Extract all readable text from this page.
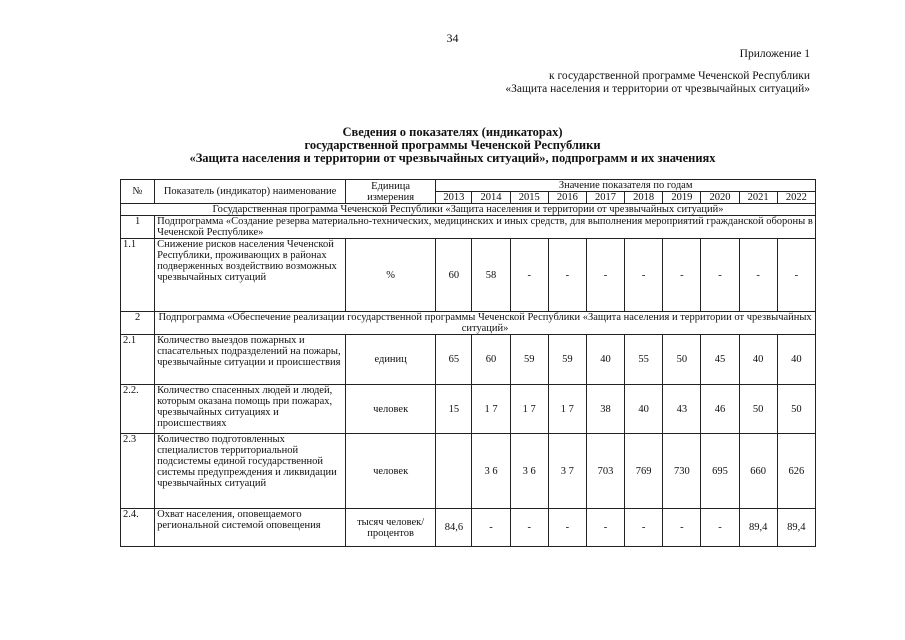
34
Приложение 1
к государственной программе Чеченской Республики
«Защита населения и территории от чрезвычайных ситуаций»
Сведения о показателях (индикаторах)
государственной программы Чеченской Республики
«Защита населения и территории от чрезвычайных ситуаций», подпрограмм и их значениях
№	Показатель (индикатор) наименование	Единица измерения	Значение показателя по годам									
			2013	2014	2015	2016	2017	2018	2019	2020	2021	2022
Государственная программа Чеченской Республики «Защита населения и территории от чрезвычайных ситуаций»												
1	Подпрограмма «Создание резерва материально-технических, медицинских и иных средств, для выполнения мероприятий гражданской обороны в Чеченской Республике»											
1.1	Снижение рисков населения Чеченской Республики, проживающих в районах подверженных воздействию возможных чрезвычайных ситуаций	%	60	58	-	-	-	-	-	-	-	-
2	Подпрограмма «Обеспечение реализации государственной программы Чеченской Республики «Защита населения и территории от чрезвычайных ситуаций»											
2.1	Количество выездов пожарных и спасательных подразделений на пожары, чрезвычайные ситуации и происшествия	единиц	65	60	59	59	40	55	50	45	40	40
2.2.	Количество спасенных людей и людей, которым оказана помощь при пожарах, чрезвычайных ситуациях и происшествиях	человек	15	1 7	1 7	1 7	38	40	43	46	50	50
2.3	Количество подготовленных специалистов территориальной подсистемы единой государственной системы предупреждения и ликвидации чрезвычайных ситуаций	человек		3 6	3 6	3 7	703	769	730	695	660	626
2.4.	Охват населения, оповещаемого региональной системой оповещения	тысяч человек/ процентов	84,6	-	-	-	-	-	-	-	89,4	89,4
